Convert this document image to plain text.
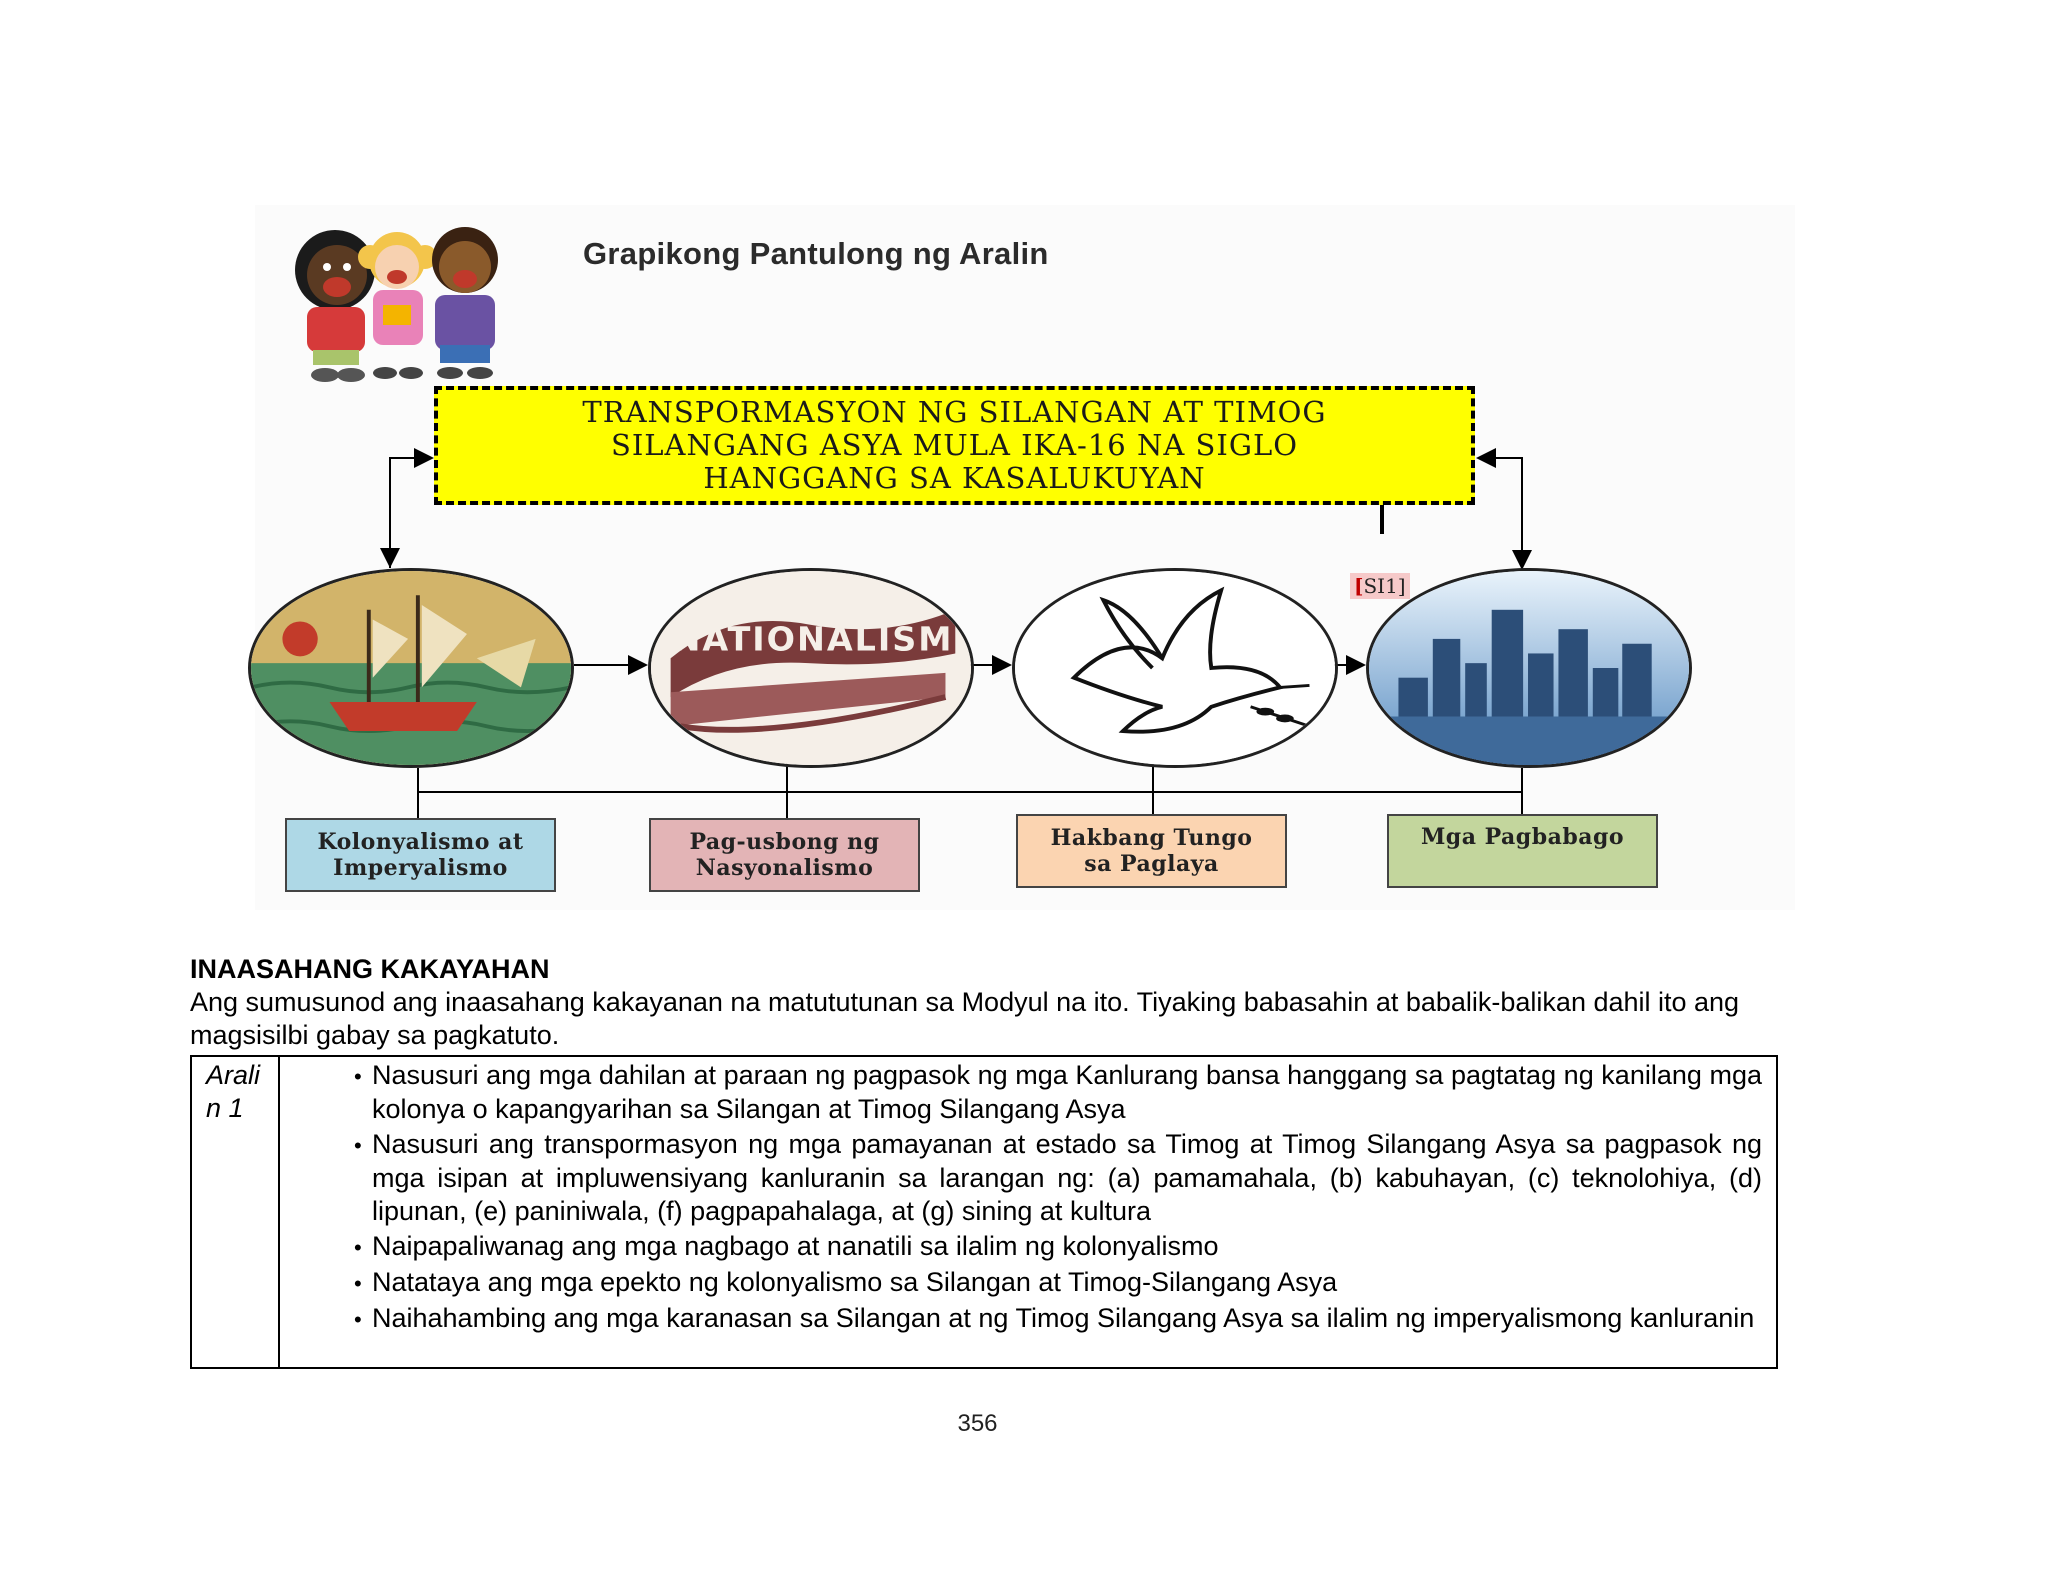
Grapikong Pantulong ng Aralin
TRANSPORMASYON NG SILANGAN AT TIMOG
SILANGANG ASYA MULA IKA-16 NA SIGLO
HANGGANG SA KASALUKUYAN
NATIONALISM
[SI1]
Kolonyalismo at
Imperyalismo
Pag-usbong ng
Nasyonalismo
Hakbang Tungo
sa Paglaya
Mga Pagbabago
INAASAHANG KAKAYAHAN
Ang sumusunod ang inaasahang kakayanan na matututunan sa Modyul na ito. Tiyaking babasahin at babalik-balikan dahil ito ang magsisilbi gabay sa pagkatuto.
Arali
n 1
• Nasusuri ang mga dahilan at paraan ng pagpasok ng mga Kanlurang bansa hanggang sa pagtatag ng kanilang mga kolonya o kapangyarihan sa Silangan at Timog Silangang Asya
• Nasusuri ang transpormasyon ng mga pamayanan at estado sa Timog at Timog Silangang Asya sa pagpasok ng mga isipan at impluwensiyang kanluranin sa larangan ng: (a) pamamahala, (b) kabuhayan, (c) teknolohiya, (d) lipunan, (e) paniniwala, (f) pagpapahalaga, at (g) sining at kultura
• Naipapaliwanag ang mga nagbago at nanatili sa ilalim ng kolonyalismo
• Natataya ang mga epekto ng kolonyalismo sa Silangan at Timog-Silangang Asya
• Naihahambing ang mga karanasan sa Silangan at ng Timog Silangang Asya sa ilalim ng imperyalismong kanluranin
356
